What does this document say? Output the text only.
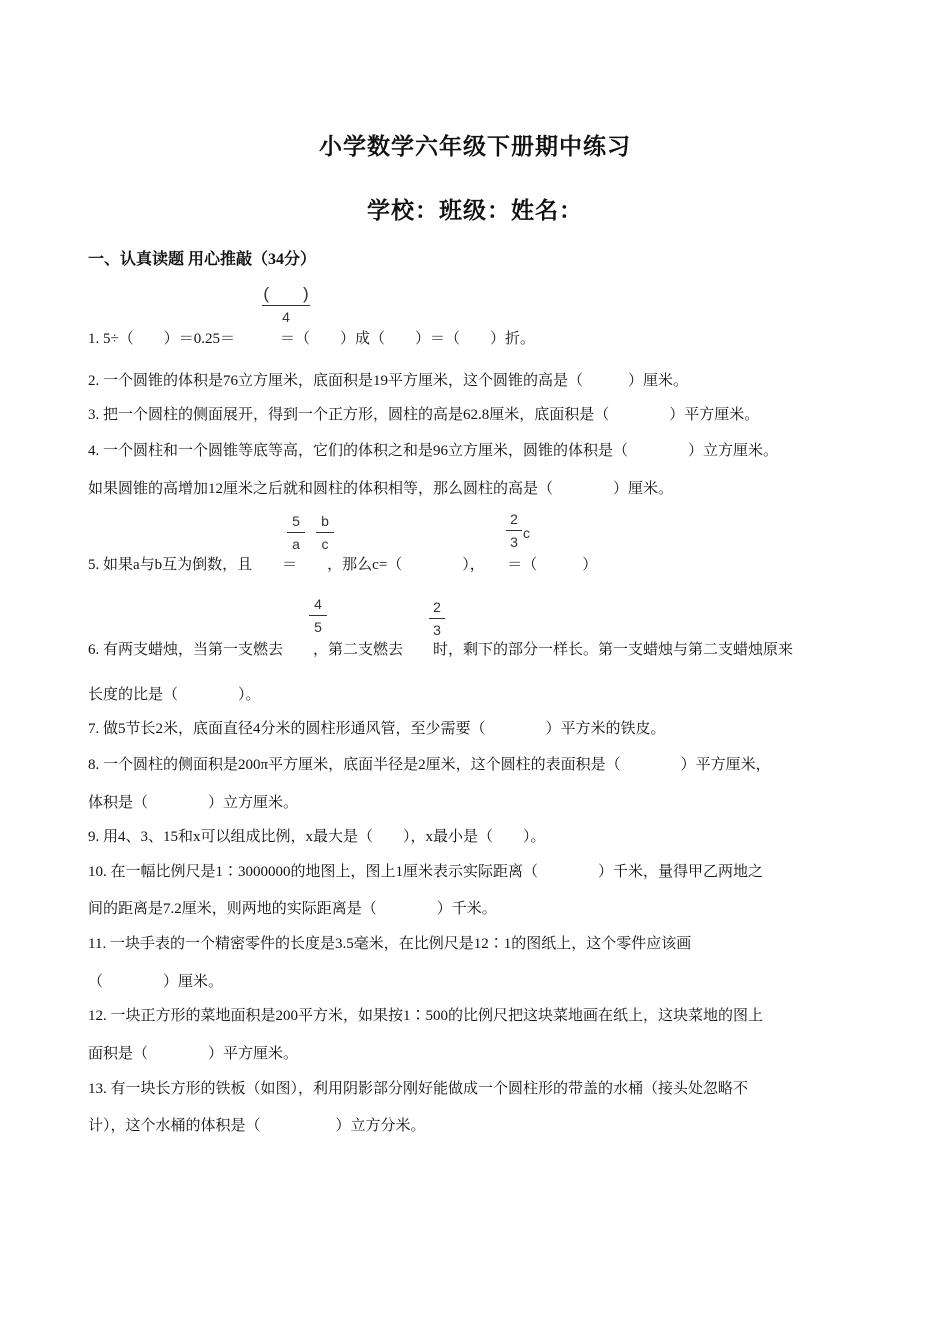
小学数学六年级下册期中练习
学校：班级：姓名：
一、认真读题 用心推敲（34分）
(　　)
4
1. 5÷（　　）＝0.25＝　　　＝（　　）成（　　）＝（　　）折。
2. 一个圆锥的体积是76立方厘米，底面积是19平方厘米，这个圆锥的高是（　　　）厘米。
3. 把一个圆柱的侧面展开，得到一个正方形，圆柱的高是62.8厘米，底面积是（　　　　）平方厘米。
4. 一个圆柱和一个圆锥等底等高，它们的体积之和是96立方厘米，圆锥的体积是（　　　　）立方厘米。
如果圆锥的高增加12厘米之后就和圆柱的体积相等，那么圆柱的高是（　　　　）厘米。
5
a
b
c
2
3
c
5. 如果a与b互为倒数，且　　＝　　，那么c=（　　　　），　　＝（　　　）
4
5
2
3
6. 有两支蜡烛，当第一支燃去　　，第二支燃去　　时，剩下的部分一样长。第一支蜡烛与第二支蜡烛原来
长度的比是（　　　　）。
7. 做5节长2米，底面直径4分米的圆柱形通风管，至少需要（　　　　）平方米的铁皮。
8. 一个圆柱的侧面积是200π平方厘米，底面半径是2厘米，这个圆柱的表面积是（　　　　）平方厘米，
体积是（　　　　）立方厘米。
9. 用4、3、15和x可以组成比例，x最大是（　　），x最小是（　　）。
10. 在一幅比例尺是1∶3000000的地图上，图上1厘米表示实际距离（　　　　）千米，量得甲乙两地之
间的距离是7.2厘米，则两地的实际距离是（　　　　）千米。
11. 一块手表的一个精密零件的长度是3.5毫米，在比例尺是12∶1的图纸上，这个零件应该画
（　　　　）厘米。
12. 一块正方形的菜地面积是200平方米，如果按1∶500的比例尺把这块菜地画在纸上，这块菜地的图上
面积是（　　　　）平方厘米。
13. 有一块长方形的铁板（如图），利用阴影部分刚好能做成一个圆柱形的带盖的水桶（接头处忽略不
计），这个水桶的体积是（　　　　　）立方分米。
